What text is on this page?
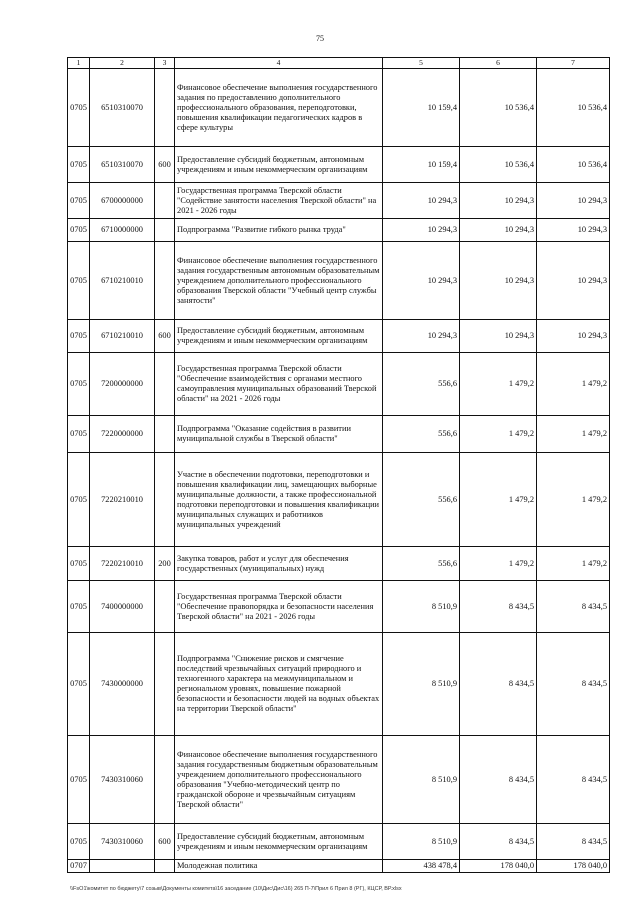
75
1	2	3	4	5	6	7
0705	6510310070		Финансовое обеспечение выполнения государственного задания по предоставлению дополнительного профессионального образования, переподготовки, повышения квалификации педагогических кадров в сфере культуры	10 159,4	10 536,4	10 536,4
0705	6510310070	600	Предоставление субсидий бюджетным, автономным учреждениям и иным некоммерческим организациям	10 159,4	10 536,4	10 536,4
0705	6700000000		Государственная программа Тверской области "Содействие занятости населения Тверской области" на 2021 - 2026 годы	10 294,3	10 294,3	10 294,3
0705	6710000000		Подпрограмма "Развитие гибкого рынка труда"	10 294,3	10 294,3	10 294,3
0705	6710210010		Финансовое обеспечение выполнения государственного задания государственным автономным образовательным учреждением дополнительного профессионального образования Тверской области "Учебный центр службы занятости"	10 294,3	10 294,3	10 294,3
0705	6710210010	600	Предоставление субсидий бюджетным, автономным учреждениям и иным некоммерческим организациям	10 294,3	10 294,3	10 294,3
0705	7200000000		Государственная программа Тверской области "Обеспечение взаимодействия с органами местного самоуправления муниципальных образований Тверской области" на 2021 - 2026 годы	556,6	1 479,2	1 479,2
0705	7220000000		Подпрограмма "Оказание содействия в развитии муниципальной службы в Тверской области"	556,6	1 479,2	1 479,2
0705	7220210010		Участие в обеспечении подготовки, переподготовки и повышения квалификации лиц, замещающих выборные муниципальные должности, а также профессиональной подготовки переподготовки и повышения квалификации муниципальных служащих и работников муниципальных учреждений	556,6	1 479,2	1 479,2
0705	7220210010	200	Закупка товаров, работ и услуг для обеспечения государственных (муниципальных) нужд	556,6	1 479,2	1 479,2
0705	7400000000		Государственная программа Тверской области "Обеспечение правопорядка и безопасности населения Тверской области" на 2021 - 2026 годы	8 510,9	8 434,5	8 434,5
0705	7430000000		Подпрограмма "Снижение рисков и смягчение последствий чрезвычайных ситуаций природного и техногенного характера на межмуниципальном и региональном уровнях, повышение пожарной безопасности и безопасности людей на водных объектах на территории Тверской области"	8 510,9	8 434,5	8 434,5
0705	7430310060		Финансовое обеспечение выполнения государственного задания государственным бюджетным образовательным учреждением дополнительного профессионального образования "Учебно-методический центр по гражданской обороне и чрезвычайным ситуациям Тверской области"	8 510,9	8 434,5	8 434,5
0705	7430310060	600	Предоставление субсидий бюджетным, автономным учреждениям и иным некоммерческим организациям	8 510,9	8 434,5	8 434,5
0707			Молодежная политика	438 478,4	178 040,0	178 040,0
\\FsO1\комитет по бюджету\7 созыв\Документы комитета\16 заседание (10\Дис\Дис\16) 265 П-7\Прил 6 Прил 8 (РГ), КЦСР, ВР.xlsx
